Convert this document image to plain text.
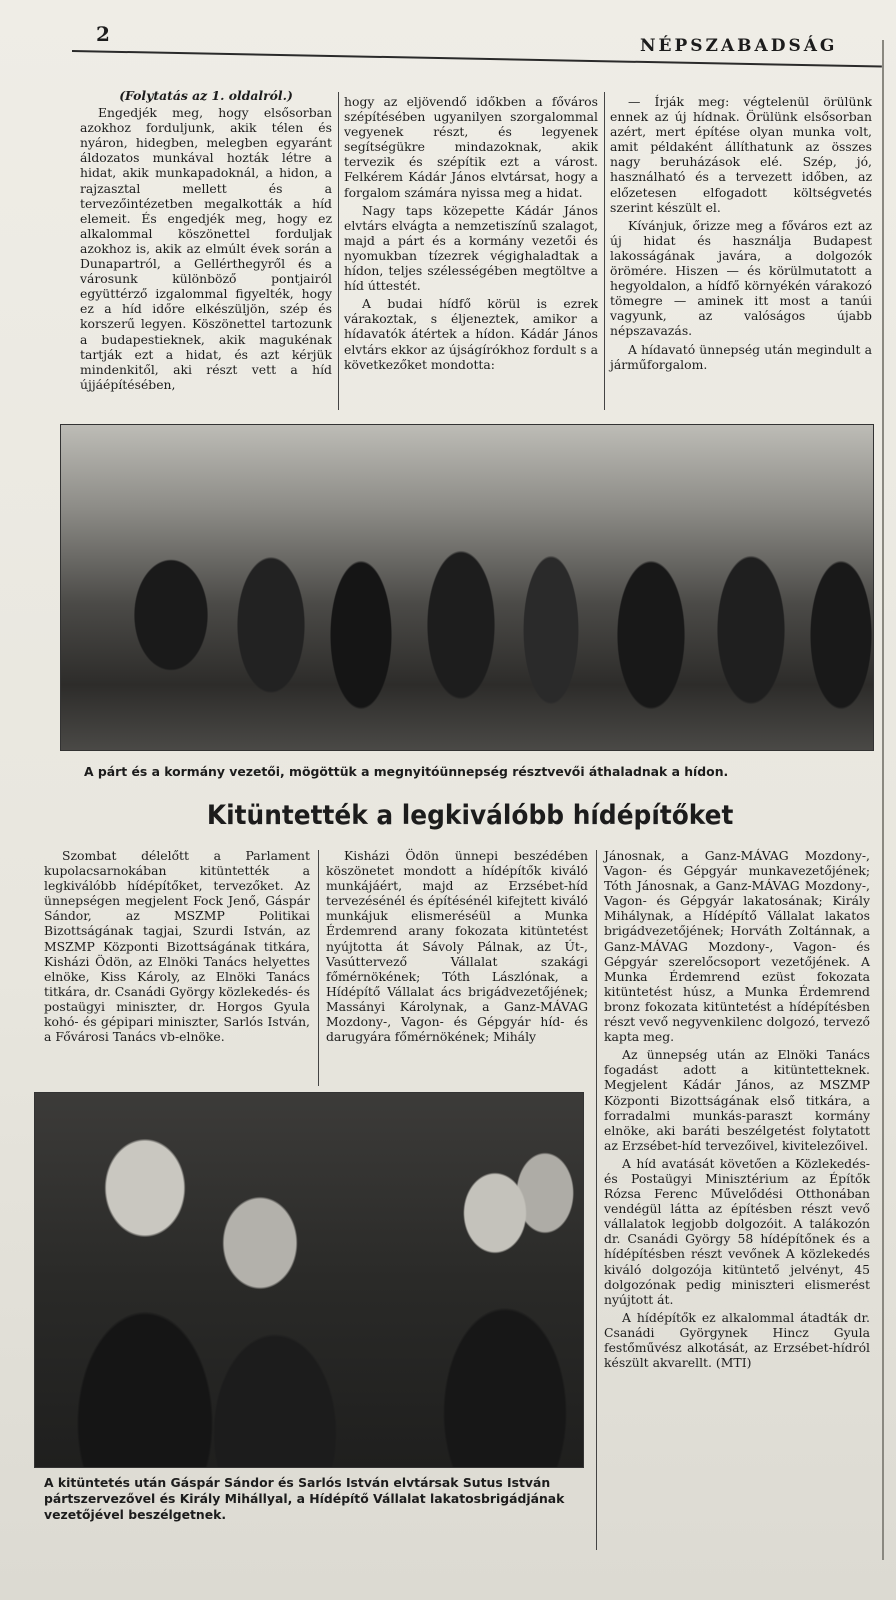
2	NÉPSZABADSÁG

(Folytatás az 1. oldalról.)

Engedjék meg, hogy elsősorban azokhoz forduljunk, akik télen és nyáron, hidegben, melegben egyaránt áldozatos munkával hozták létre a hidat, akik munkapadoknál, a hidon, a rajzasztal mellett és a tervezőintézetben megalkották a híd elemeit. És engedjék meg, hogy ez alkalommal köszönettel forduljak azokhoz is, akik az elmúlt évek során a Dunapartról, a Gellérthegyről és a városunk különböző pontjairól együttérző izgalommal figyelték, hogy ez a híd időre elkészüljön, szép és korszerű legyen. Köszönettel tartozunk a budapestieknek, akik magukénak tartják ezt a hidat, és azt kérjük mindenkitől, aki részt vett a híd újjáépítésében,

hogy az eljövendő időkben a főváros szépítésében ugyanilyen szorgalommal vegyenek részt, és legyenek segítségükre mindazoknak, akik tervezik és szépítik ezt a várost. Felkérem Kádár János elvtársat, hogy a forgalom számára nyissa meg a hidat.

Nagy taps közepette Kádár János elvtárs elvágta a nemzetiszínű szalagot, majd a párt és a kormány vezetői és nyomukban tízezrek végighaladtak a hídon, teljes szélességében megtöltve a híd úttestét.

A budai hídfő körül is ezrek várakoztak, s éljeneztek, amikor a hídavatók átértek a hídon. Kádár János elvtárs ekkor az újságírókhoz fordult s a következőket mondotta:

— Írják meg: végtelenül örülünk ennek az új hídnak. Örülünk elsősorban azért, mert építése olyan munka volt, amit példaként állíthatunk az összes nagy beruházások elé. Szép, jó, használható és a tervezett időben, az előzetesen elfogadott költségvetés szerint készült el.

Kívánjuk, őrizze meg a főváros ezt az új hidat és használja Budapest lakosságának javára, a dolgozók örömére. Hiszen — és körülmutatott a hegyoldalon, a hídfő környékén várakozó tömegre — aminek itt most a tanúi vagyunk, az valóságos újabb népszavazás.

A hídavató ünnepség után megindult a járműforgalom.

A párt és a kormány vezetői, mögöttük a megnyitóünnepség résztvevői áthaladnak a hídon.
Kitüntették a legkiválóbb hídépítőket

Szombat délelőtt a Parlament kupolacsarnokában kitüntették a legkiválóbb hídépítőket, tervezőket. Az ünnepségen megjelent Fock Jenő, Gáspár Sándor, az MSZMP Politikai Bizottságának tagjai, Szurdi István, az MSZMP Központi Bizottságának titkára, Kisházi Ödön, az Elnöki Tanács helyettes elnöke, Kiss Károly, az Elnöki Tanács titkára, dr. Csanádi György közlekedés- és postaügyi miniszter, dr. Horgos Gyula kohó- és gépipari miniszter, Sarlós István, a Fővárosi Tanács vb-elnöke.

Kisházi Ödön ünnepi beszédében köszönetet mondott a hídépítők kiváló munkájáért, majd az Erzsébet-híd tervezésénél és építésénél kifejtett kiváló munkájuk elismeréséül a Munka Érdemrend arany fokozata kitüntetést nyújtotta át Sávoly Pálnak, az Út-, Vasúttervező Vállalat szakági főmérnökének; Tóth Lászlónak, a Hídépítő Vállalat ács brigádvezetőjének; Massányi Károlynak, a Ganz-MÁVAG Mozdony-, Vagon- és Gépgyár híd- és darugyára főmérnökének; Mihály

Jánosnak, a Ganz-MÁVAG Mozdony-, Vagon- és Gépgyár munkavezetőjének; Tóth Jánosnak, a Ganz-MÁVAG Mozdony-, Vagon- és Gépgyár lakatosának; Király Mihálynak, a Hídépítő Vállalat lakatos brigádvezetőjének; Horváth Zoltánnak, a Ganz-MÁVAG Mozdony-, Vagon- és Gépgyár szerelőcsoport vezetőjének. A Munka Érdemrend ezüst fokozata kitüntetést húsz, a Munka Érdemrend bronz fokozata kitüntetést a hídépítésben részt vevő negyvenkilenc dolgozó, tervező kapta meg.

Az ünnepség után az Elnöki Tanács fogadást adott a kitüntetteknek. Megjelent Kádár János, az MSZMP Központi Bizottságának első titkára, a forradalmi munkás-paraszt kormány elnöke, aki baráti beszélgetést folytatott az Erzsébet-híd tervezőivel, kivitelezőivel.

A híd avatását követően a Közlekedés- és Postaügyi Minisztérium az Építők Rózsa Ferenc Művelődési Otthonában vendégül látta az építésben részt vevő vállalatok legjobb dolgozóit. A talákozón dr. Csanádi György 58 hídépítőnek és a hídépítésben részt vevőnek A közlekedés kiváló dolgozója kitüntető jelvényt, 45 dolgozónak pedig miniszteri elismerést nyújtott át.

A hídépítők ez alkalommal átadták dr. Csanádi Györgynek Hincz Gyula festőművész alkotását, az Erzsébet-hídról készült akvarellt. (MTI)

A kitüntetés után Gáspár Sándor és Sarlós István elvtársak Sutus István pártszervezővel és Király Mihállyal, a Hídépítő Vállalat lakatosbrigádjának vezetőjével beszélgetnek.
